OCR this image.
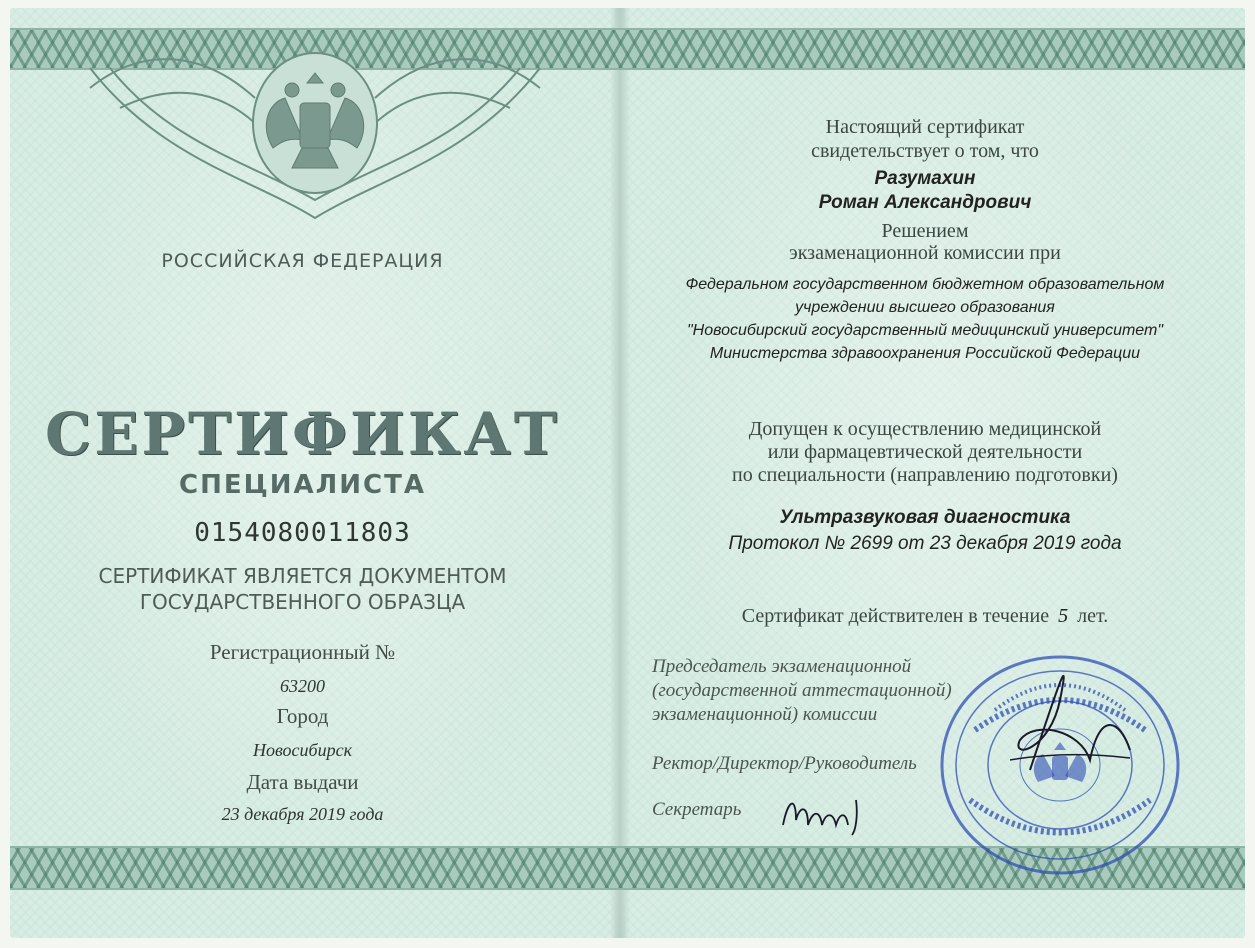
РОССИЙСКАЯ ФЕДЕРАЦИЯ
СЕРТИФИКАТ
СПЕЦИАЛИСТА
0154080011803
СЕРТИФИКАТ ЯВЛЯЕТСЯ ДОКУМЕНТОМ
ГОСУДАРСТВЕННОГО ОБРАЗЦА
Регистрационный №
63200
Город
Новосибирск
Дата выдачи
23 декабря 2019 года
Настоящий сертификат
свидетельствует о том, что
Разумахин
Роман Александрович
Решением
экзаменационной комиссии при
Федеральном государственном бюджетном образовательном
учреждении высшего образования
"Новосибирский государственный медицинский университет"
Министерства здравоохранения Российской Федерации
Допущен к осуществлению медицинской
или фармацевтической деятельности
по специальности (направлению подготовки)
Ультразвуковая диагностика
Протокол № 2699 от 23 декабря 2019 года
Сертификат действителен в течение 5 лет.
Председатель экзаменационной
(государственной аттестационной)
экзаменационной) комиссии
Ректор/Директор/Руководитель
Секретарь
